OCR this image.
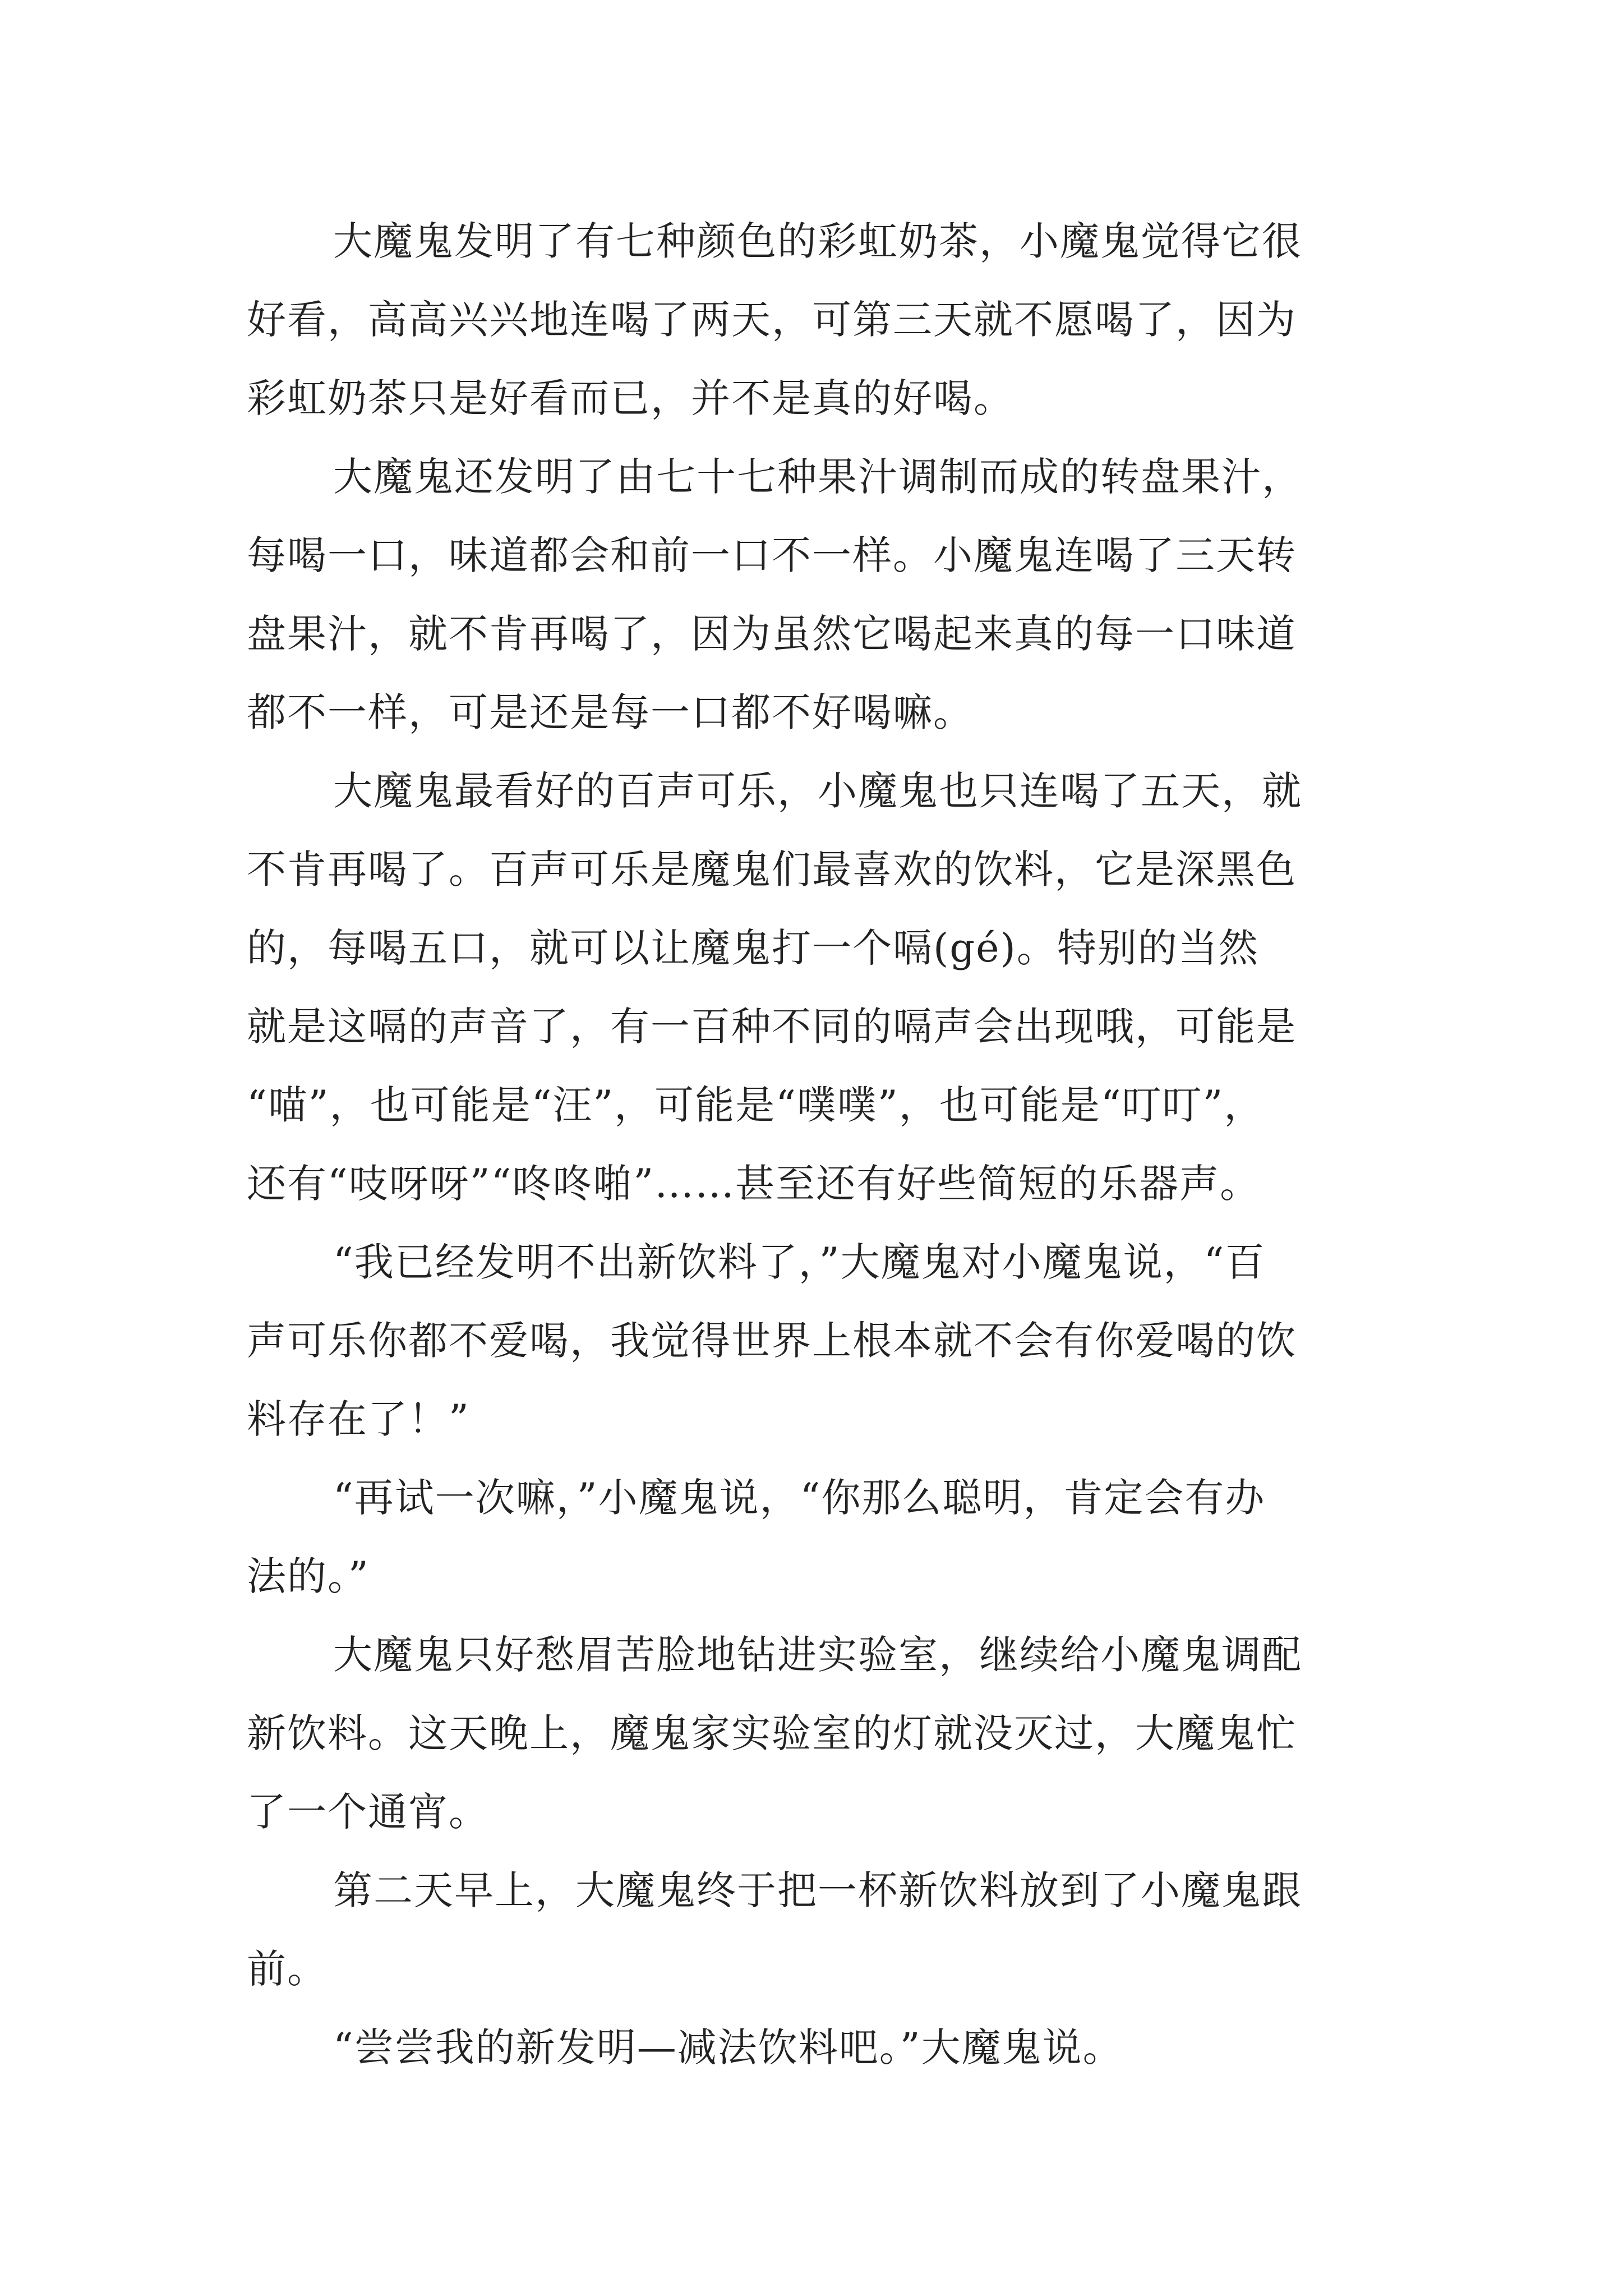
大魔鬼发明了有七种颜色的彩虹奶茶，小魔鬼觉得它很
好看，高高兴兴地连喝了两天，可第三天就不愿喝了，因为
彩虹奶茶只是好看而已，并不是真的好喝。
大魔鬼还发明了由七十七种果汁调制而成的转盘果汁，
每喝一口，味道都会和前一口不一样。小魔鬼连喝了三天转
盘果汁，就不肯再喝了，因为虽然它喝起来真的每一口味道
都不一样，可是还是每一口都不好喝嘛。
大魔鬼最看好的百声可乐，小魔鬼也只连喝了五天，就
不肯再喝了。百声可乐是魔鬼们最喜欢的饮料，它是深黑色
的，每喝五口，就可以让魔鬼打一个嗝(gé)。特别的当然
就是这嗝的声音了，有一百种不同的嗝声会出现哦，可能是
“喵”，也可能是“汪”，可能是“噗噗”，也可能是“叮叮”，
还有“吱呀呀”“咚咚啪”……甚至还有好些简短的乐器声。
“我已经发明不出新饮料了，”大魔鬼对小魔鬼说，“百
声可乐你都不爱喝，我觉得世界上根本就不会有你爱喝的饮
料存在了！”
“再试一次嘛，”小魔鬼说，“你那么聪明，肯定会有办
法的。”
大魔鬼只好愁眉苦脸地钻进实验室，继续给小魔鬼调配
新饮料。这天晚上，魔鬼家实验室的灯就没灭过，大魔鬼忙
了一个通宵。
第二天早上，大魔鬼终于把一杯新饮料放到了小魔鬼跟
前。
“尝尝我的新发明—减法饮料吧。”大魔鬼说。
